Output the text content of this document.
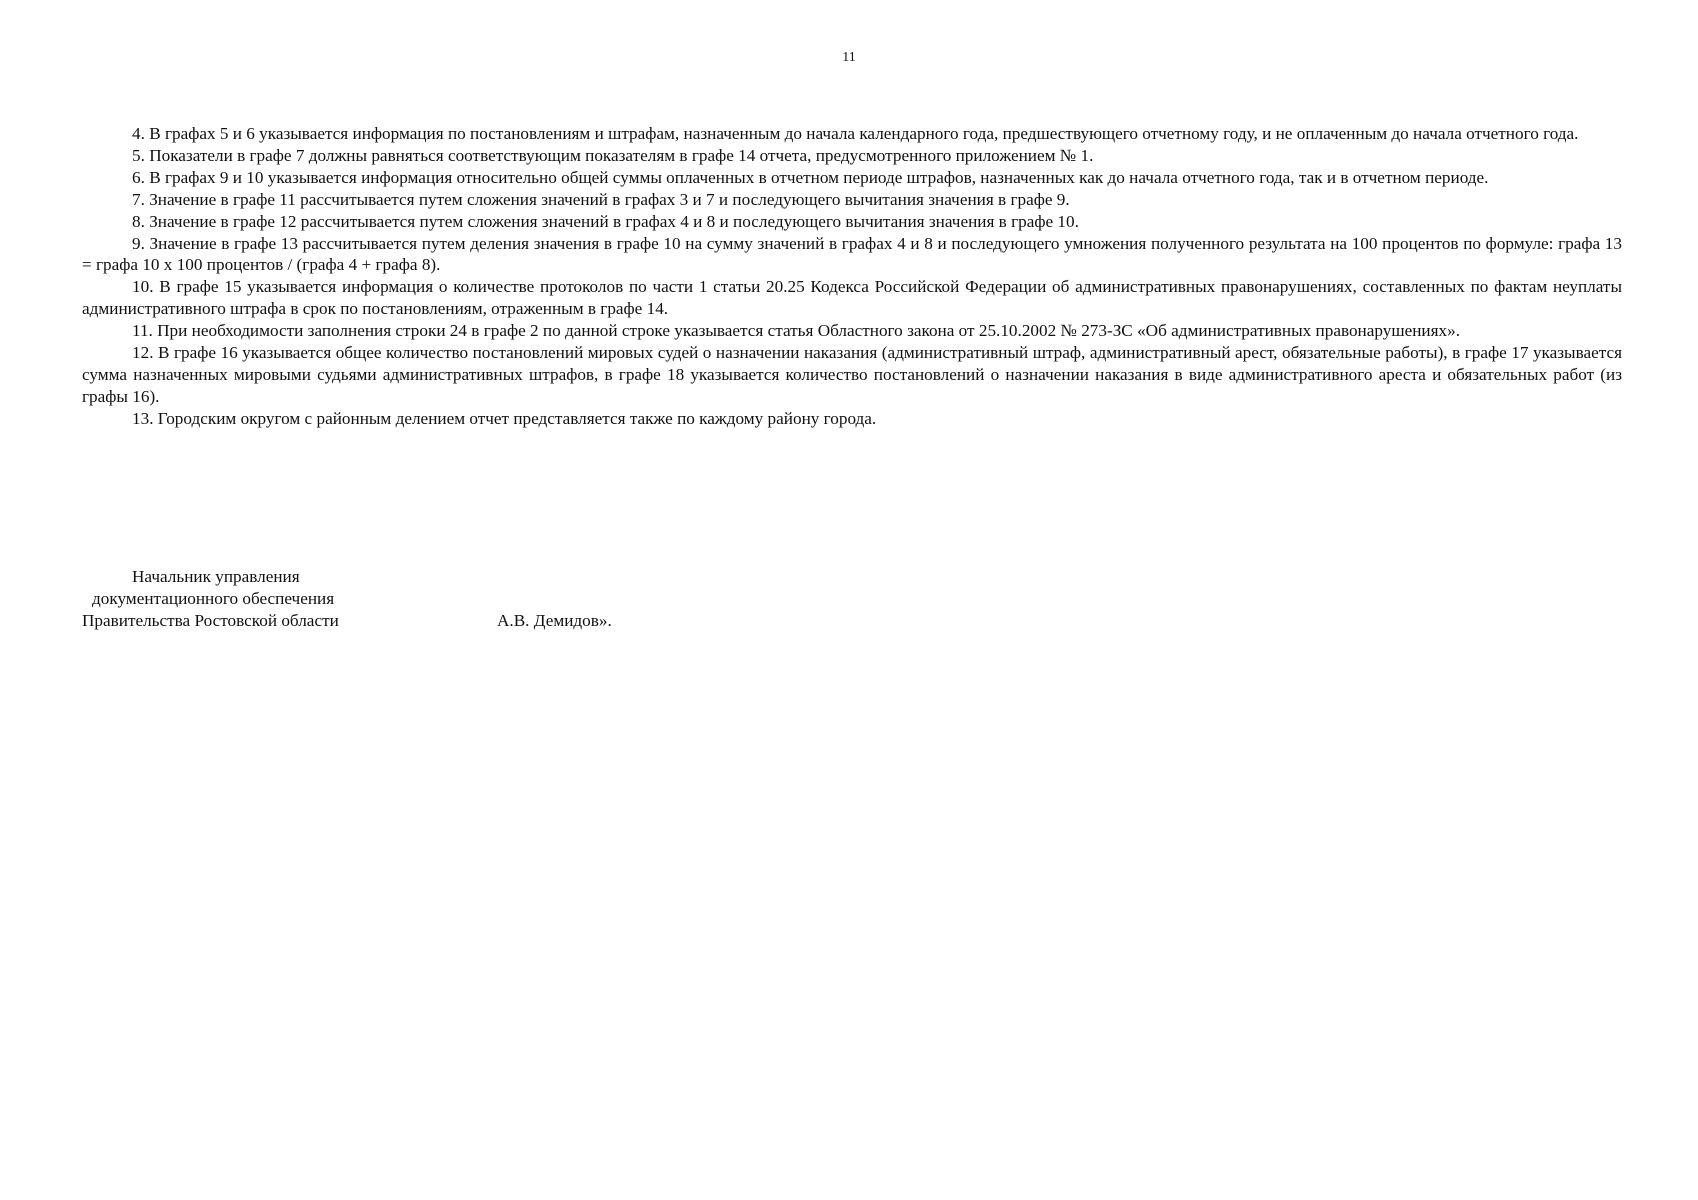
11

4. В графах 5 и 6 указывается информация по постановлениям и штрафам, назначенным до начала календарного года, предшествующего отчетному году, и не оплаченным до начала отчетного года.

5. Показатели в графе 7 должны равняться соответствующим показателям в графе 14 отчета, предусмотренного приложением № 1.

6. В графах 9 и 10 указывается информация относительно общей суммы оплаченных в отчетном периоде штрафов, назначенных как до начала отчетного года, так и в отчетном периоде.

7. Значение в графе 11 рассчитывается путем сложения значений в графах 3 и 7 и последующего вычитания значения в графе 9.

8. Значение в графе 12 рассчитывается путем сложения значений в графах 4 и 8 и последующего вычитания значения в графе 10.

9. Значение в графе 13 рассчитывается путем деления значения в графе 10 на сумму значений в графах 4 и 8 и последующего умножения полученного результата на 100 процентов по формуле: графа 13 = графа 10 х 100 процентов / (графа 4 + графа 8).

10. В графе 15 указывается информация о количестве протоколов по части 1 статьи 20.25 Кодекса Российской Федерации об административных правонарушениях, составленных по фактам неуплаты административного штрафа в срок по постановлениям, отраженным в графе 14.

11. При необходимости заполнения строки 24 в графе 2 по данной строке указывается статья Областного закона от 25.10.2002 № 273-ЗС «Об административных правонарушениях».

12. В графе 16 указывается общее количество постановлений мировых судей о назначении наказания (административный штраф, административный арест, обязательные работы), в графе 17 указывается сумма назначенных мировыми судьями административных штрафов, в графе 18 указывается количество постановлений о назначении наказания в виде административного ареста и обязательных работ (из графы 16).

13. Городским округом с районным делением отчет представляется также по каждому району города.

Начальник управления
документационного обеспечения
Правительства Ростовской области	А.В. Демидов».
